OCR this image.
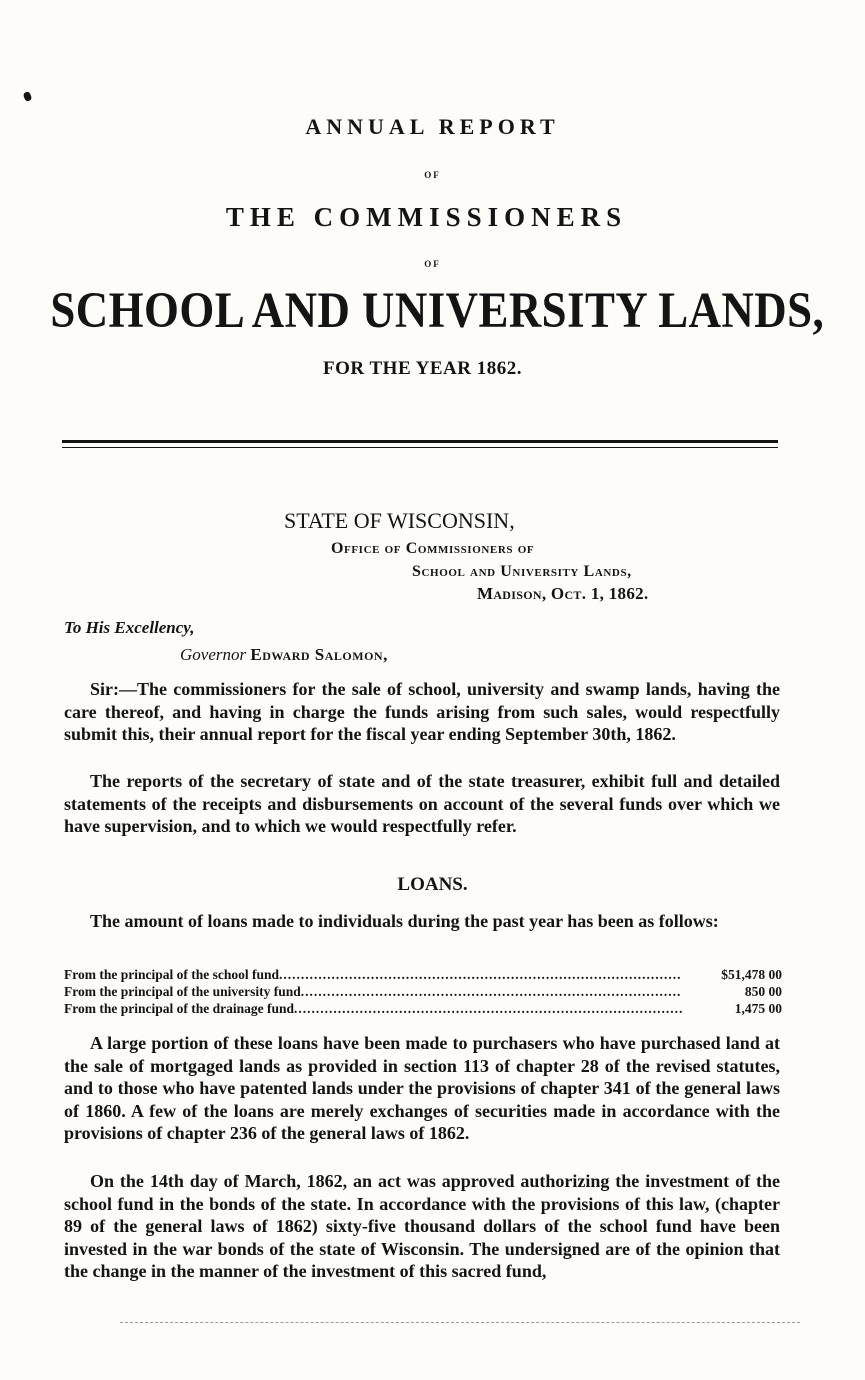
ANNUAL REPORT
OF
THE COMMISSIONERS
OF
SCHOOL AND UNIVERSITY LANDS,
FOR THE YEAR 1862.
STATE OF WISCONSIN,
Office of Commissioners of
School and University Lands,
Madison, Oct. 1, 1862.
To His Excellency,
Governor Edward Salomon,
Sir:—The commissioners for the sale of school, university and swamp lands, having the care thereof, and having in charge the funds arising from such sales, would respectfully submit this, their annual report for the fiscal year ending September 30th, 1862.
The reports of the secretary of state and of the state treasurer, exhibit full and detailed statements of the receipts and disbursements on account of the several funds over which we have supervision, and to which we would respectfully refer.
LOANS.
The amount of loans made to individuals during the past year has been as follows:
From the principal of the school fund .....	$51,478 00
From the principal of the university fund .....	850 00
From the principal of the drainage fund .....	1,475 00
A large portion of these loans have been made to purchasers who have purchased land at the sale of mortgaged lands as provided in section 113 of chapter 28 of the revised statutes, and to those who have patented lands under the provisions of chapter 341 of the general laws of 1860. A few of the loans are merely exchanges of securities made in accordance with the provisions of chapter 236 of the general laws of 1862.
On the 14th day of March, 1862, an act was approved authorizing the investment of the school fund in the bonds of the state. In accordance with the provisions of this law, (chapter 89 of the general laws of 1862) sixty-five thousand dollars of the school fund have been invested in the war bonds of the state of Wisconsin. The undersigned are of the opinion that the change in the manner of the investment of this sacred fund,
